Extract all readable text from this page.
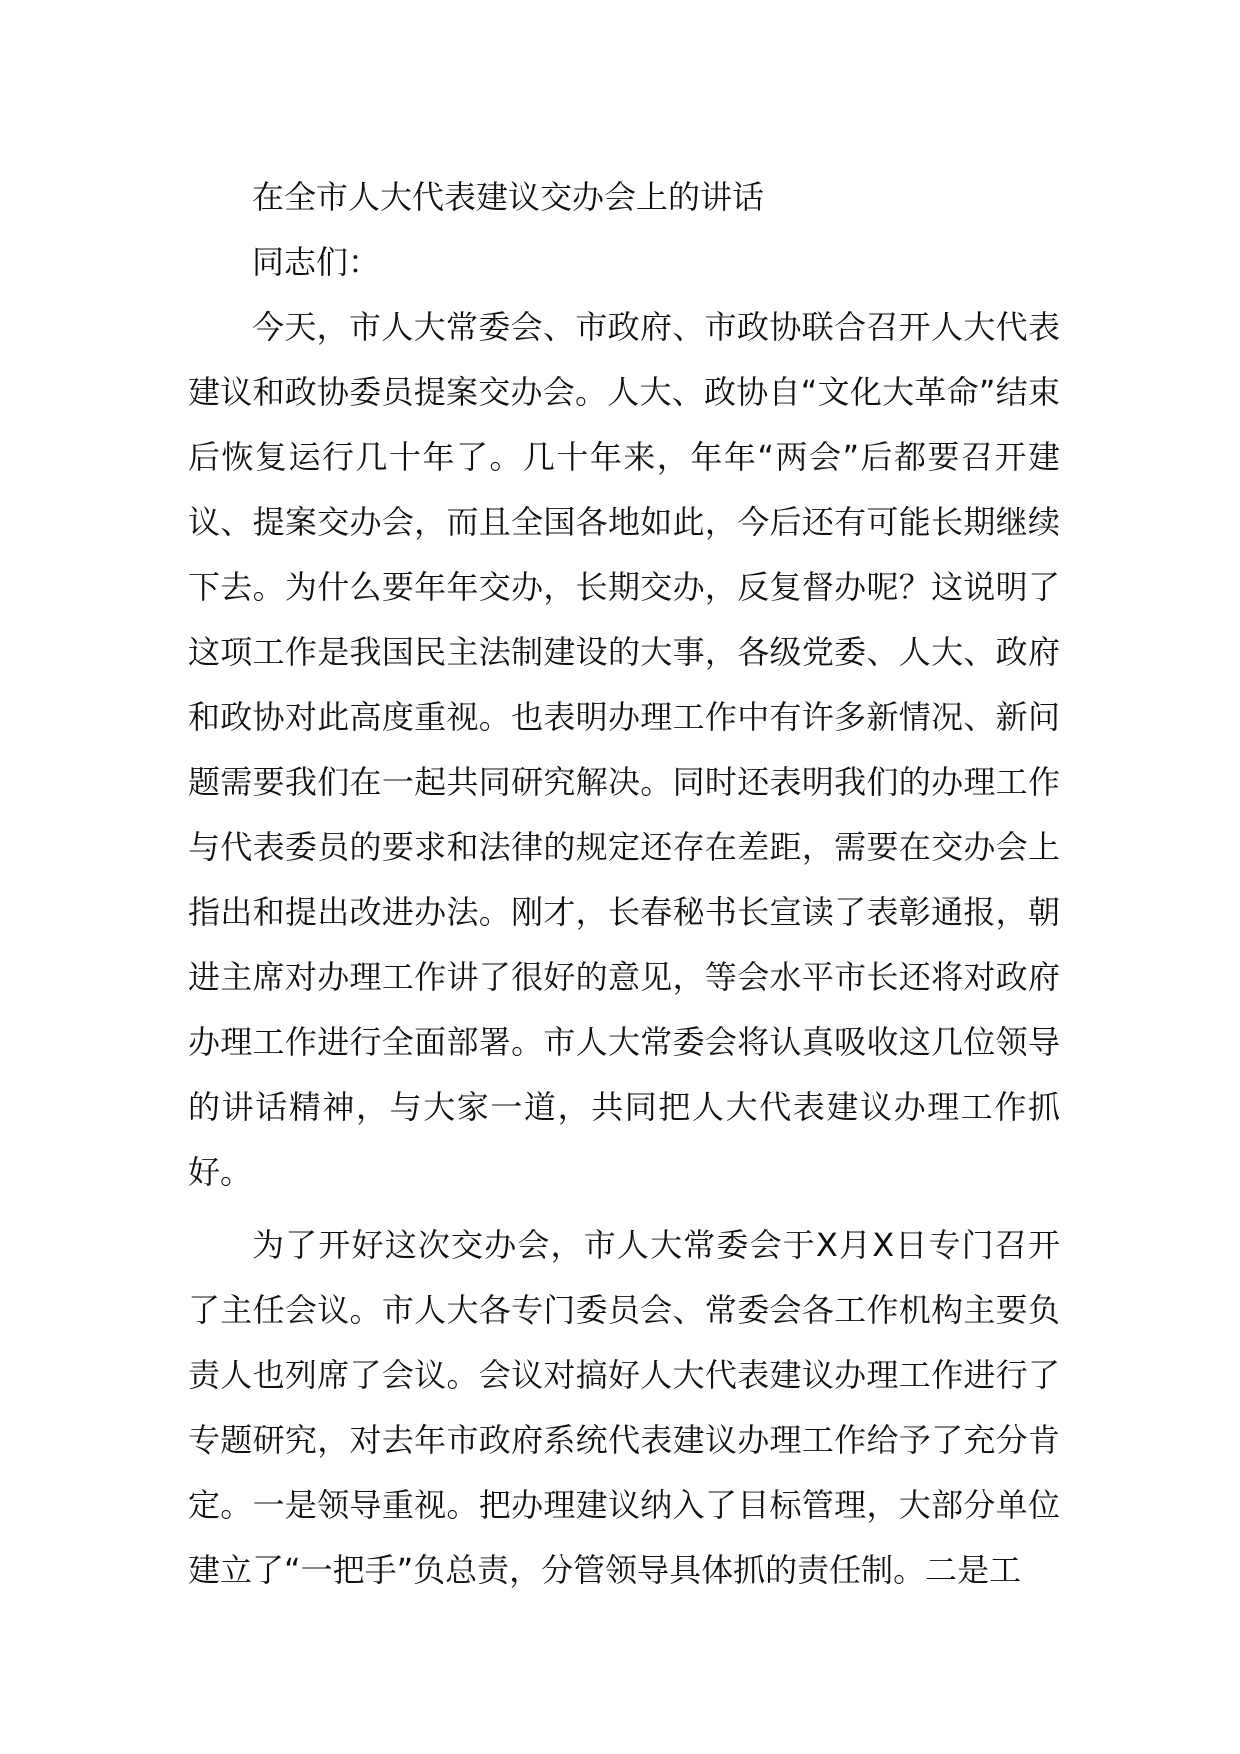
在全市人大代表建议交办会上的讲话

同志们：

今天，市人大常委会、市政府、市政协联合召开人大代表建议和政协委员提案交办会。人大、政协自“文化大革命”结束后恢复运行几十年了。几十年来，年年“两会”后都要召开建议、提案交办会，而且全国各地如此，今后还有可能长期继续下去。为什么要年年交办，长期交办，反复督办呢？这说明了这项工作是我国民主法制建设的大事，各级党委、人大、政府和政协对此高度重视。也表明办理工作中有许多新情况、新问题需要我们在一起共同研究解决。同时还表明我们的办理工作与代表委员的要求和法律的规定还存在差距，需要在交办会上指出和提出改进办法。刚才，长春秘书长宣读了表彰通报，朝进主席对办理工作讲了很好的意见，等会水平市长还将对政府办理工作进行全面部署。市人大常委会将认真吸收这几位领导的讲话精神，与大家一道，共同把人大代表建议办理工作抓好。

为了开好这次交办会，市人大常委会于X月X日专门召开了主任会议。市人大各专门委员会、常委会各工作机构主要负责人也列席了会议。会议对搞好人大代表建议办理工作进行了专题研究，对去年市政府系统代表建议办理工作给予了充分肯定。一是领导重视。把办理建议纳入了目标管理，大部分单位建立了“一把手”负总责，分管领导具体抓的责任制。二是工
